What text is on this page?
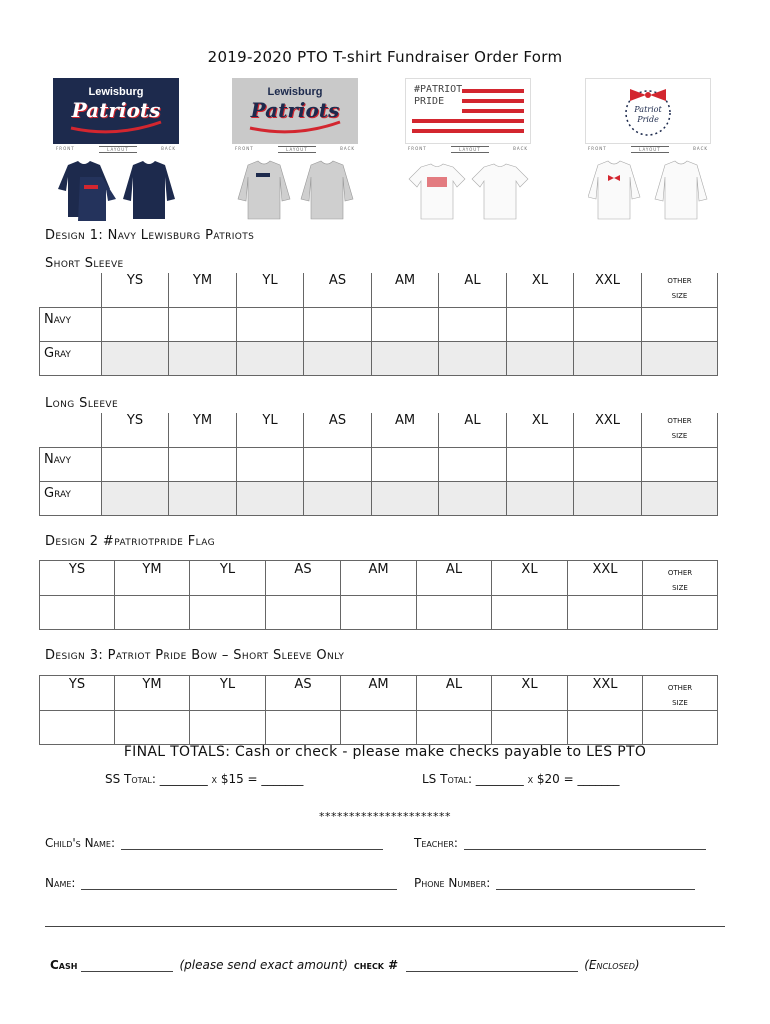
2019-2020 PTO T-shirt Fundraiser Order Form
Lewisburg
Patriots
FRONT	LAYOUT	BACK
Lewisburg
Patriots
FRONT	LAYOUT	BACK
#PATRIOT
PRIDE
FRONT	LAYOUT	BACK
Patriot
Pride
FRONT	LAYOUT	BACK
Design 1: Navy Lewisburg Patriots
Short Sleeve
	YS	YM	YL	AS	AM	AL	XL	XXL	other
size

Navy									
Gray									
Long Sleeve
	YS	YM	YL	AS	AM	AL	XL	XXL	other
size

Navy									
Gray									
Design 2 #patriotpride Flag
YS	YM	YL	AS	AM	AL	XL	XXL	other
size

Design 3: Patriot Pride Bow – Short Sleeve Only
YS	YM	YL	AS	AM	AL	XL	XXL	other
size

FINAL TOTALS: Cash or check - please make checks payable to LES PTO
SS Total: ________ x $15 = _______	LS Total: ________ x $20 = _______
**********************
Child's Name:	Teacher:
Name:	Phone Number:
Cash	(please send exact amount) check #	(Enclosed)
